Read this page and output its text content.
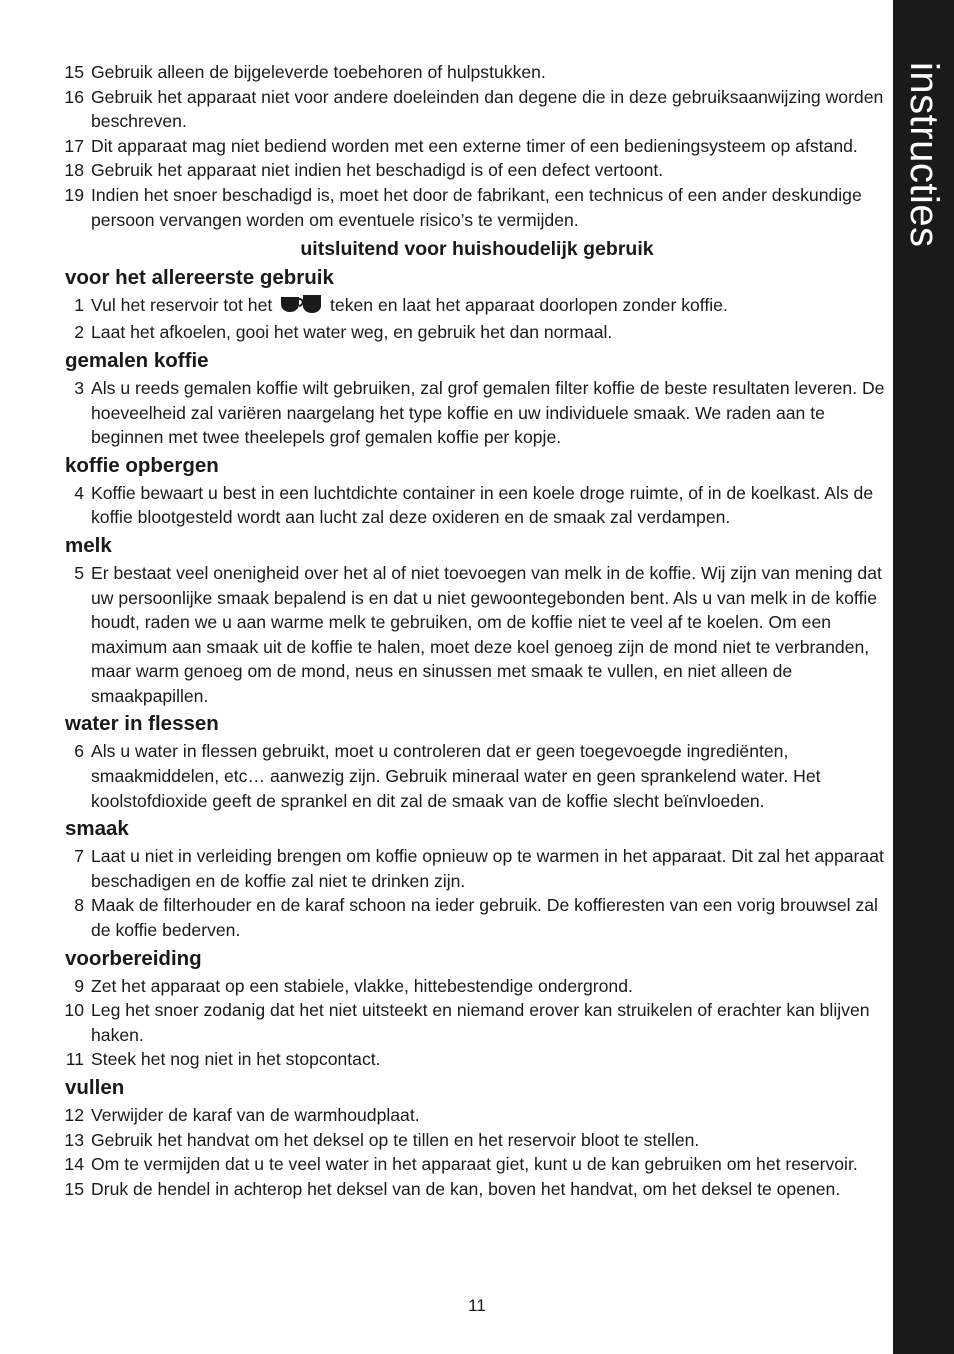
instructies

15 Gebruik alleen de bijgeleverde toebehoren of hulpstukken.

16 Gebruik het apparaat niet voor andere doeleinden dan degene die in deze gebruiksaanwijzing worden beschreven.

17 Dit apparaat mag niet bediend worden met een externe timer of een bedieningsysteem op afstand.

18 Gebruik het apparaat niet indien het beschadigd is of een defect vertoont.

19 Indien het snoer beschadigd is, moet het door de fabrikant, een technicus of een ander deskundige persoon vervangen worden om eventuele risico’s te vermijden.

uitsluitend voor huishoudelijk gebruik
voor het allereerste gebruik

1 Vul het reservoir tot het	teken en laat het apparaat doorlopen zonder koffie.

2 Laat het afkoelen, gooi het water weg, en gebruik het dan normaal.

gemalen koffie

3 Als u reeds gemalen koffie wilt gebruiken, zal grof gemalen filter koffie de beste resultaten leveren. De hoeveelheid zal variëren naargelang het type koffie en uw individuele smaak. We raden aan te beginnen met twee theelepels grof gemalen koffie per kopje.

koffie opbergen

4 Koffie bewaart u best in een luchtdichte container in een koele droge ruimte, of in de koelkast. Als de koffie blootgesteld wordt aan lucht zal deze oxideren en de smaak zal verdampen.

melk

5 Er bestaat veel onenigheid over het al of niet toevoegen van melk in de koffie. Wij zijn van mening dat uw persoonlijke smaak bepalend is en dat u niet gewoontegebonden bent. Als u van melk in de koffie houdt, raden we u aan warme melk te gebruiken, om de koffie niet te veel af te koelen. Om een maximum aan smaak uit de koffie te halen, moet deze koel genoeg zijn de mond niet te verbranden, maar warm genoeg om de mond, neus en sinussen met smaak te vullen, en niet alleen de smaakpapillen.

water in flessen

6 Als u water in flessen gebruikt, moet u controleren dat er geen toegevoegde ingrediënten, smaakmiddelen, etc… aanwezig zijn. Gebruik mineraal water en geen sprankelend water. Het koolstofdioxide geeft de sprankel en dit zal de smaak van de koffie slecht beïnvloeden.

smaak

7 Laat u niet in verleiding brengen om koffie opnieuw op te warmen in het apparaat. Dit zal het apparaat beschadigen en de koffie zal niet te drinken zijn.

8 Maak de filterhouder en de karaf schoon na ieder gebruik. De koffieresten van een vorig brouwsel zal de koffie bederven.

voorbereiding

9 Zet het apparaat op een stabiele, vlakke, hittebestendige ondergrond.

10 Leg het snoer zodanig dat het niet uitsteekt en niemand erover kan struikelen of erachter kan blijven haken.

11 Steek het nog niet in het stopcontact.

vullen

12 Verwijder de karaf van de warmhoudplaat.

13 Gebruik het handvat om het deksel op te tillen en het reservoir bloot te stellen.

14 Om te vermijden dat u te veel water in het apparaat giet, kunt u de kan gebruiken om het reservoir.

15 Druk de hendel in achterop het deksel van de kan, boven het handvat, om het deksel te openen.

11
